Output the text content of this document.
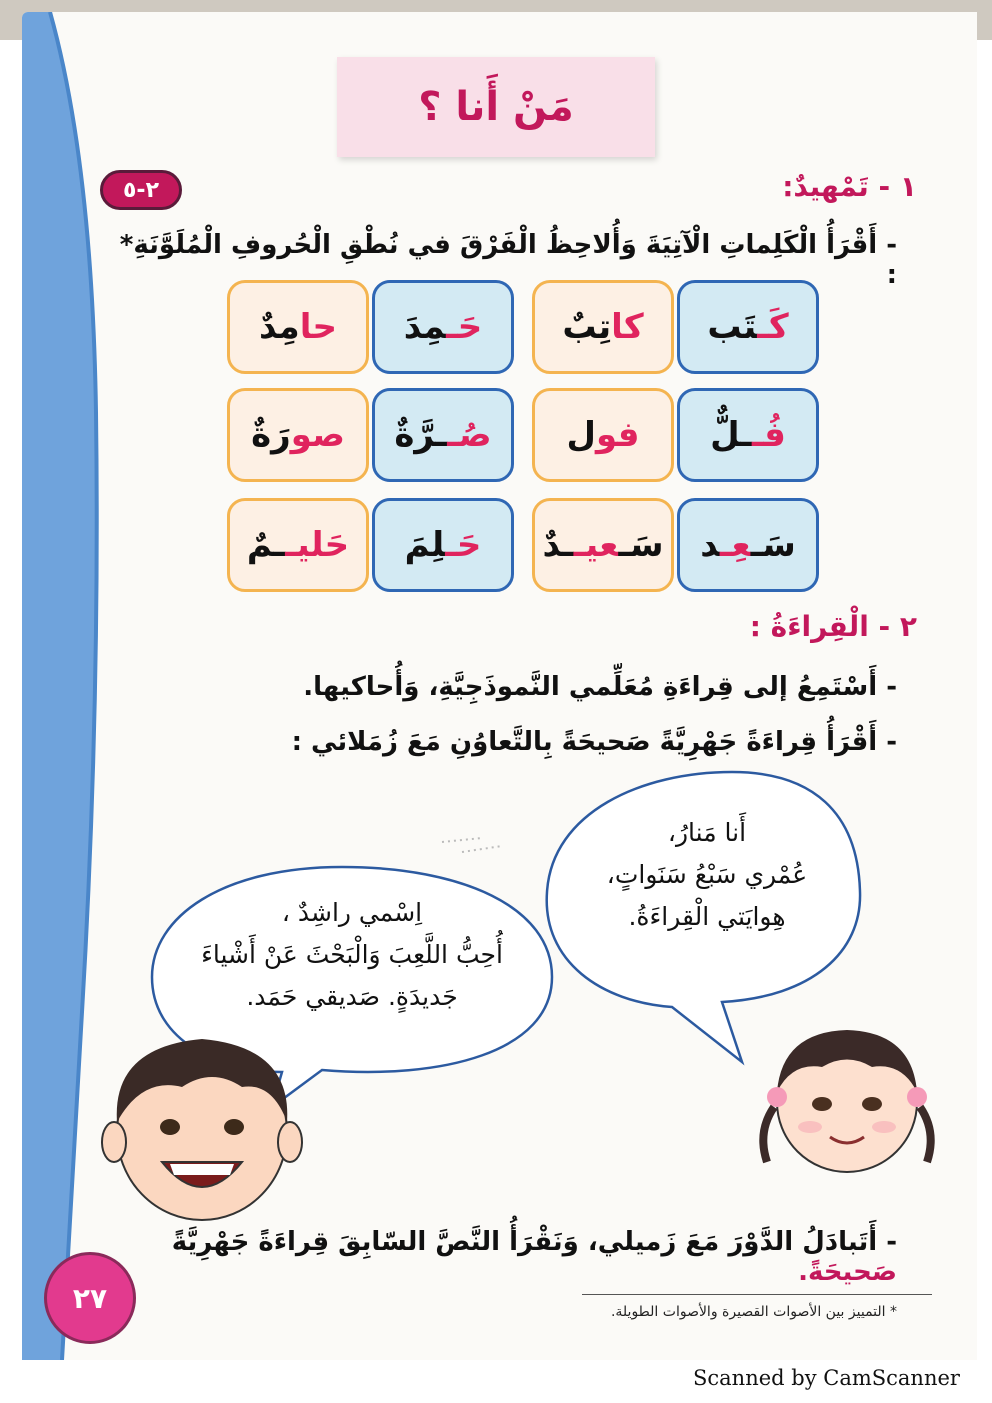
مَنْ أَنا ؟
٢-٥	١ - تَمْهيدٌ:
- أَقْرَأُ الْكَلِماتِ الْآتِيَةَ وَأُلاحِظُ الْفَرْقَ في نُطْقِ الْحُروفِ الْمُلَوَّنَةِ* :
كَـتَب
كاتِبٌ
حَـمِدَ
حامِدٌ
فُــلٌّ
فول
صُــرَّةٌ
صورَةٌ
سَـعِـد
سَـعيــدٌ
حَـلِمَ
حَليــمٌ
٢ - الْقِراءَةُ :
- أَسْتَمِعُ إلى قِراءَةِ مُعَلِّمي النَّموذَجِيَّةِ، وَأُحاكيها.
- أَقْرَأُ قِراءَةً جَهْرِيَّةً صَحيحَةً بِالتَّعاوُنِ مَعَ زُمَلائي :
أَنا مَنارُ،
عُمْري سَبْعُ سَنَواتٍ،
هِوايَتي الْقِراءَةُ.
اِسْمي راشِدٌ ،
أُحِبُّ اللَّعِبَ وَالْبَحْثَ عَنْ أَشْياءَ
جَديدَةٍ. صَديقي حَمَد.
- أَتَبادَلُ الدَّوْرَ مَعَ زَميلي، وَنَقْرَأُ النَّصَّ السّابِقَ قِراءَةً جَهْرِيَّةً صَحيحَةً.
٢٧	* التمييز بين الأصوات القصيرة والأصوات الطويلة.
Scanned by CamScanner
